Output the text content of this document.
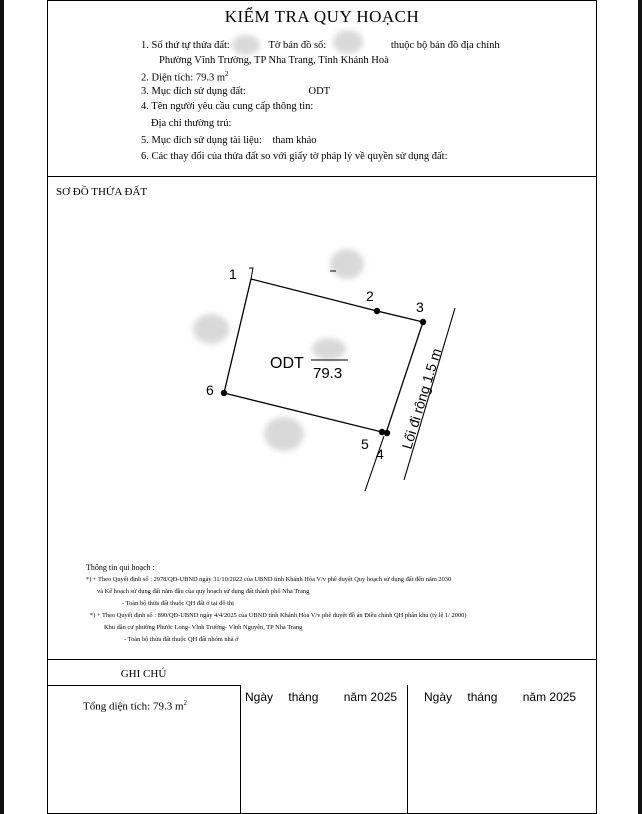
KIỂM TRA QUY HOẠCH
1. Số thứ tự thửa đất:	Tờ bản đồ số:	thuộc bộ bản đồ địa chính
Phường Vĩnh Trường, TP Nha Trang, Tỉnh Khánh Hoà
2. Diện tích: 79.3 $m^2$
3. Mục đích sử dụng đất:	ODT
4. Tên người yêu cầu cung cấp thông tin:
Địa chỉ thường trú:
5. Mục đích sử dụng tài liệu: tham khảo
6. Các thay đổi của thửa đất so với giấy tờ pháp lý về quyền sử dụng đất:
SƠ ĐỒ THỬA ĐẤT
1
2
3
4
5
6
ODT
79.3	Lối đi rộng 1.5 m
Thông tin qui hoạch :
*) + Theo Quyết định số : 2978/QĐ-UBND ngày 31/10/2022 của UBND tỉnh Khánh Hòa V/v phê duyệt Quy hoạch sử dụng đất đến năm 2030
và Kế hoạch sử dụng đất năm đầu của quy hoạch sử dụng đất thành phố Nha Trang
- Toàn bộ thửa đất thuộc QH đất ở tại đô thị
*) + Theo Quyết định số : 890/QĐ-UBND ngày 4/4/2025 của UBND tỉnh Khánh Hòa V/v phê duyệt đồ án Điều chỉnh QH phân khu (tỷ lệ 1/ 2000)
Khu dân cư phường Phước Long- Vĩnh Trường- Vĩnh Nguyên, TP Nha Trang
- Toàn bộ thửa đất thuộc QH đất nhóm nhà ở
GHI CHÚ
Tổng diện tích: 79.3 $m^2$	Ngày tháng năm 2025 Ngày tháng năm 2025
